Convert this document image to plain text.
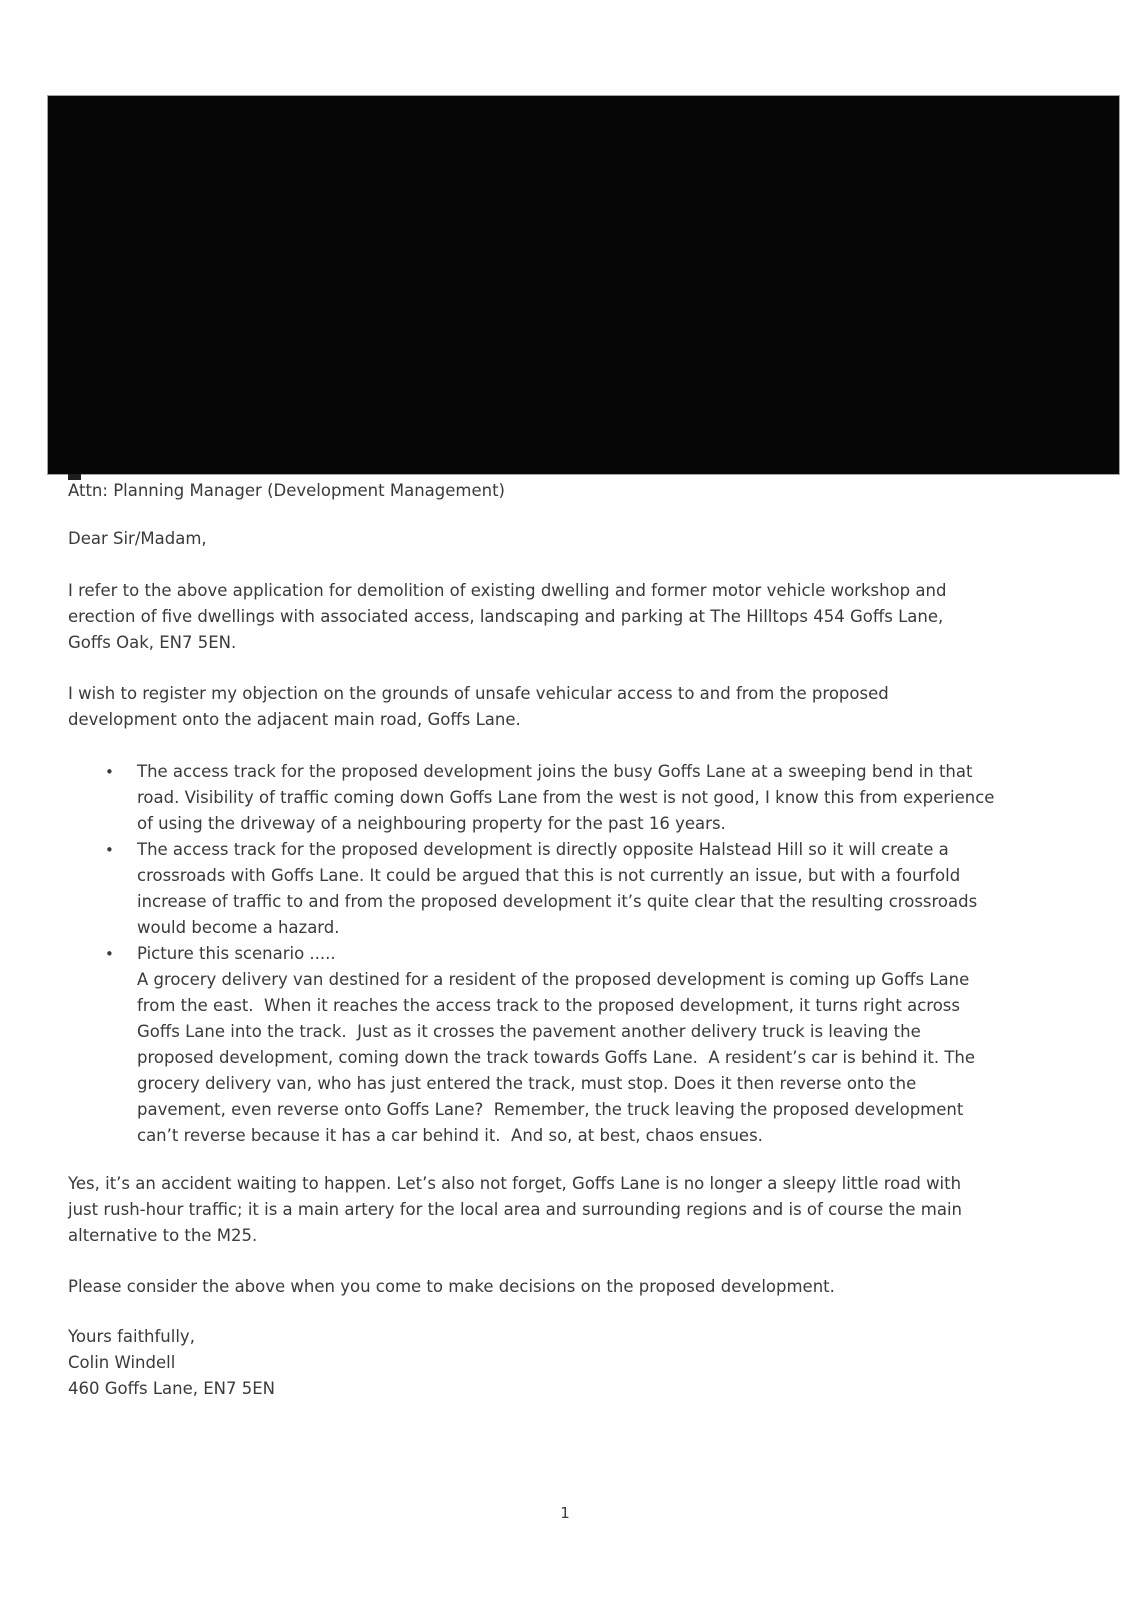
Attn: Planning Manager (Development Management)
Dear Sir/Madam,
I refer to the above application for demolition of existing dwelling and former motor vehicle workshop and
erection of five dwellings with associated access, landscaping and parking at The Hilltops 454 Goffs Lane,
Goffs Oak, EN7 5EN.
I wish to register my objection on the grounds of unsafe vehicular access to and from the proposed
development onto the adjacent main road, Goffs Lane.
• The access track for the proposed development joins the busy Goffs Lane at a sweeping bend in that
road. Visibility of traffic coming down Goffs Lane from the west is not good, I know this from experience
of using the driveway of a neighbouring property for the past 16 years.
• The access track for the proposed development is directly opposite Halstead Hill so it will create a
crossroads with Goffs Lane. It could be argued that this is not currently an issue, but with a fourfold
increase of traffic to and from the proposed development it’s quite clear that the resulting crossroads
would become a hazard.
• Picture this scenario .....
A grocery delivery van destined for a resident of the proposed development is coming up Goffs Lane
from the east.  When it reaches the access track to the proposed development, it turns right across
Goffs Lane into the track.  Just as it crosses the pavement another delivery truck is leaving the
proposed development, coming down the track towards Goffs Lane.  A resident’s car is behind it. The
grocery delivery van, who has just entered the track, must stop. Does it then reverse onto the
pavement, even reverse onto Goffs Lane?  Remember, the truck leaving the proposed development
can’t reverse because it has a car behind it.  And so, at best, chaos ensues.
Yes, it’s an accident waiting to happen. Let’s also not forget, Goffs Lane is no longer a sleepy little road with
just rush-hour traffic; it is a main artery for the local area and surrounding regions and is of course the main
alternative to the M25.
Please consider the above when you come to make decisions on the proposed development.
Yours faithfully,
Colin Windell
460 Goffs Lane, EN7 5EN
1
